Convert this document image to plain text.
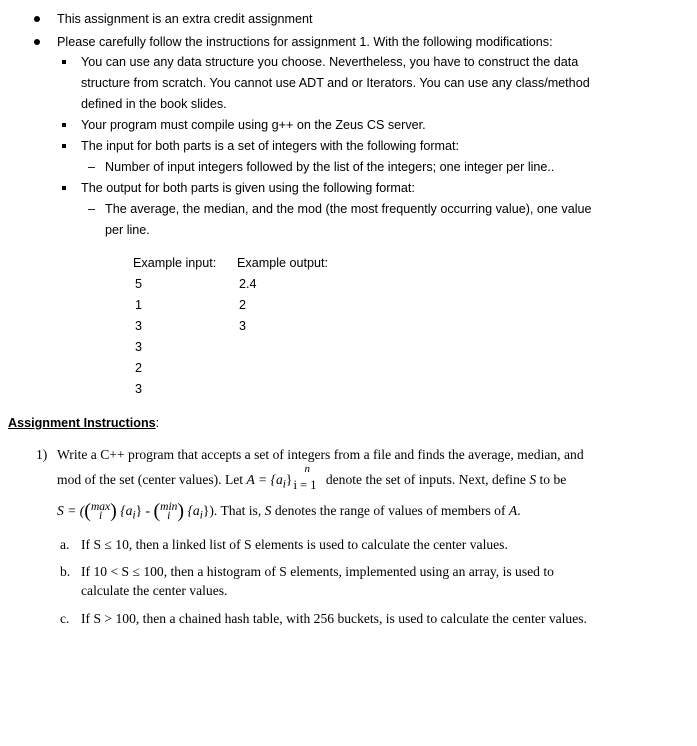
This assignment is an extra credit assignment
Please carefully follow the instructions for assignment 1. With the following modifications:
You can use any data structure you choose. Nevertheless, you have to construct the data
structure from scratch. You cannot use ADT and or Iterators. You can use any class/method
defined in the book slides.
Your program must compile using g++ on the Zeus CS server.
The input for both parts is a set of integers with the following format:
– Number of input integers followed by the list of the integers; one integer per line..
The output for both parts is given using the following format:
– The average, the median, and the mod (the most frequently occurring value), one value
per line.
Example input: Example output:
5
1
3
3
2
3
2.4
2
3
Assignment Instructions:
1) Write a C++ program that accepts a set of integers from a file and finds the average, median, and
mod of the set (center values). Let $A = \{a_i\}$
n
i = 1 denote the set of inputs. Next, define S to be
S = ((max
i ) $\{a_i\} - (\min$
i ) $\{a_i\}$). That is, S denotes the range of values of members of A.
a. If S ≤ 10, then a linked list of S elements is used to calculate the center values.
b. If 10 < S ≤ 100, then a histogram of S elements, implemented using an array, is used to
calculate the center values.
c. If S > 100, then a chained hash table, with 256 buckets, is used to calculate the center values.
